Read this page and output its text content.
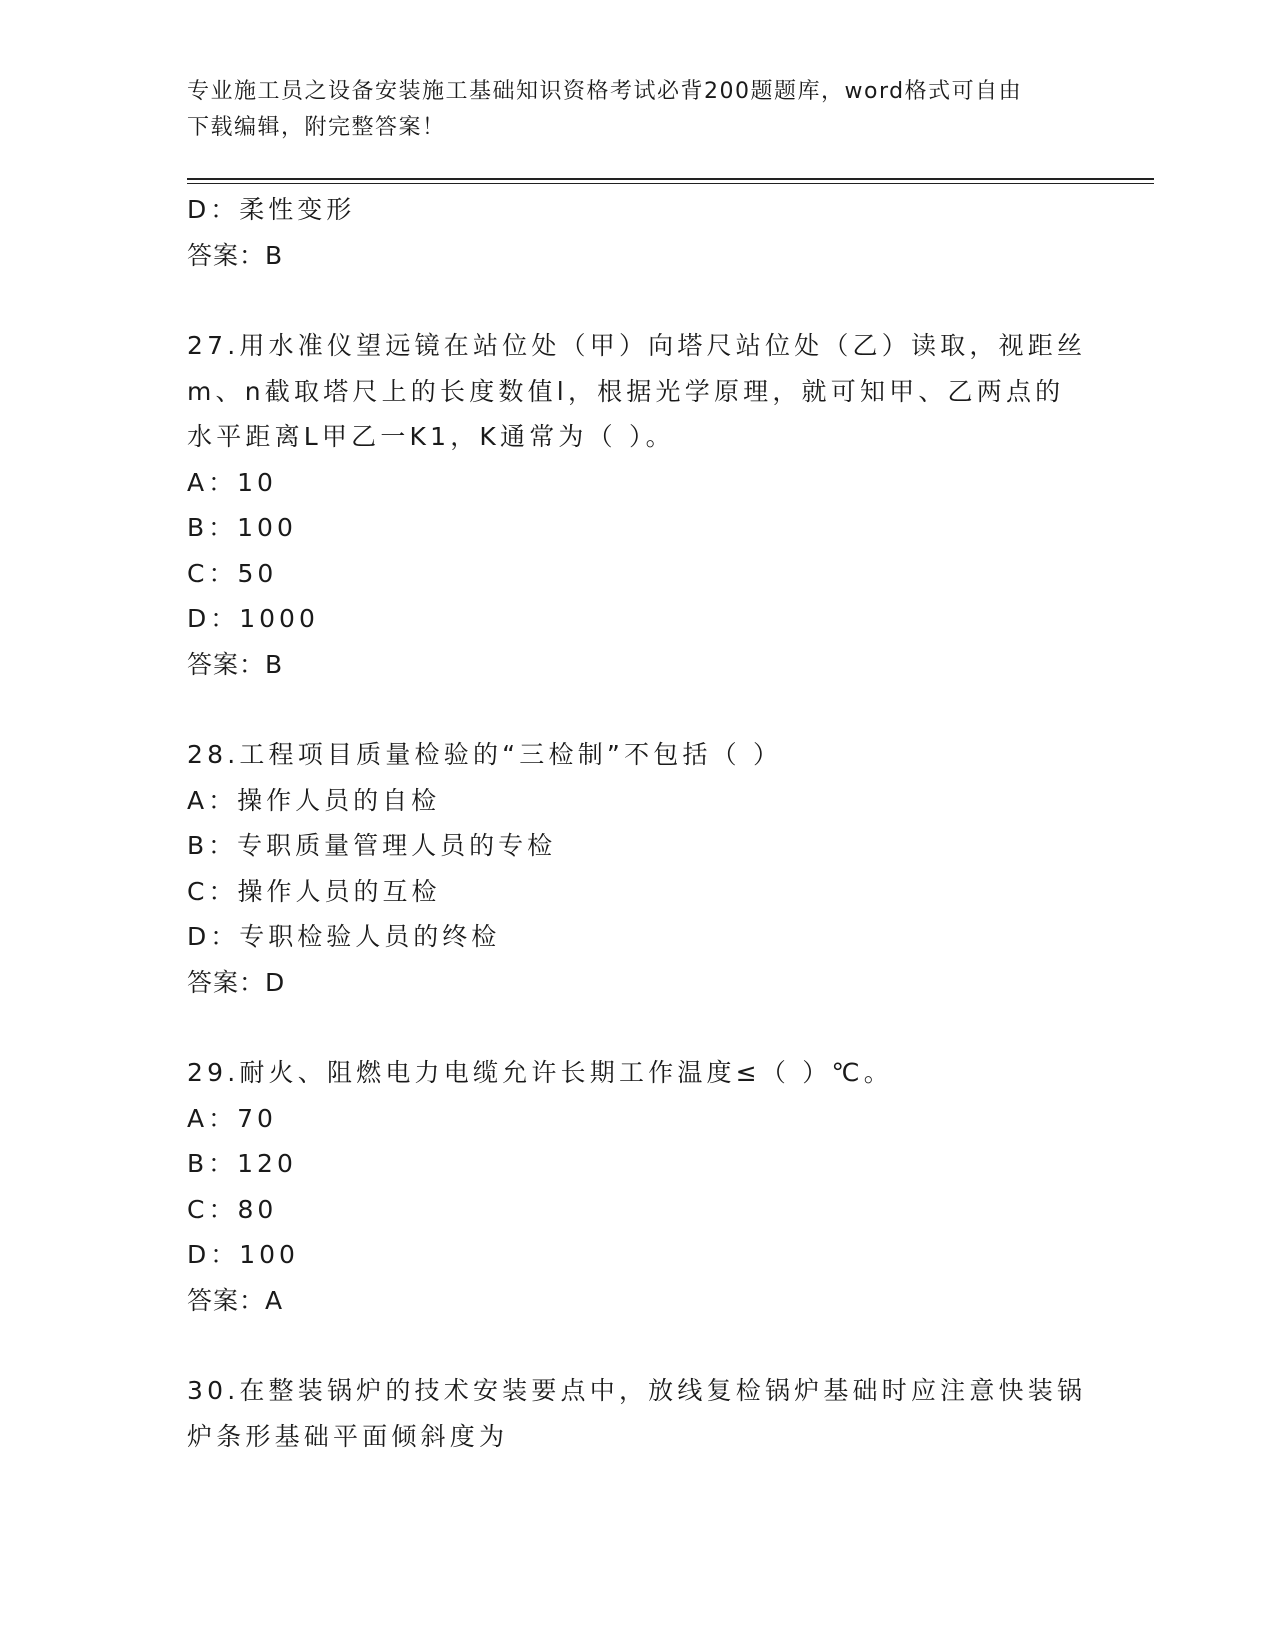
专业施工员之设备安装施工基础知识资格考试必背200题题库，word格式可自由
下载编辑，附完整答案！
D：柔性变形
答案：B
27.用水准仪望远镜在站位处（甲）向塔尺站位处（乙）读取，视距丝
m、n截取塔尺上的长度数值l，根据光学原理，就可知甲、乙两点的
水平距离L甲乙一K1，K通常为（ ）。
A：10
B：100
C：50
D：1000
答案：B
28.工程项目质量检验的“三检制”不包括（ ）
A：操作人员的自检
B：专职质量管理人员的专检
C：操作人员的互检
D：专职检验人员的终检
答案：D
29.耐火、阻燃电力电缆允许长期工作温度≤（ ）℃。
A：70
B：120
C：80
D：100
答案：A
30.在整装锅炉的技术安装要点中，放线复检锅炉基础时应注意快装锅
炉条形基础平面倾斜度为
